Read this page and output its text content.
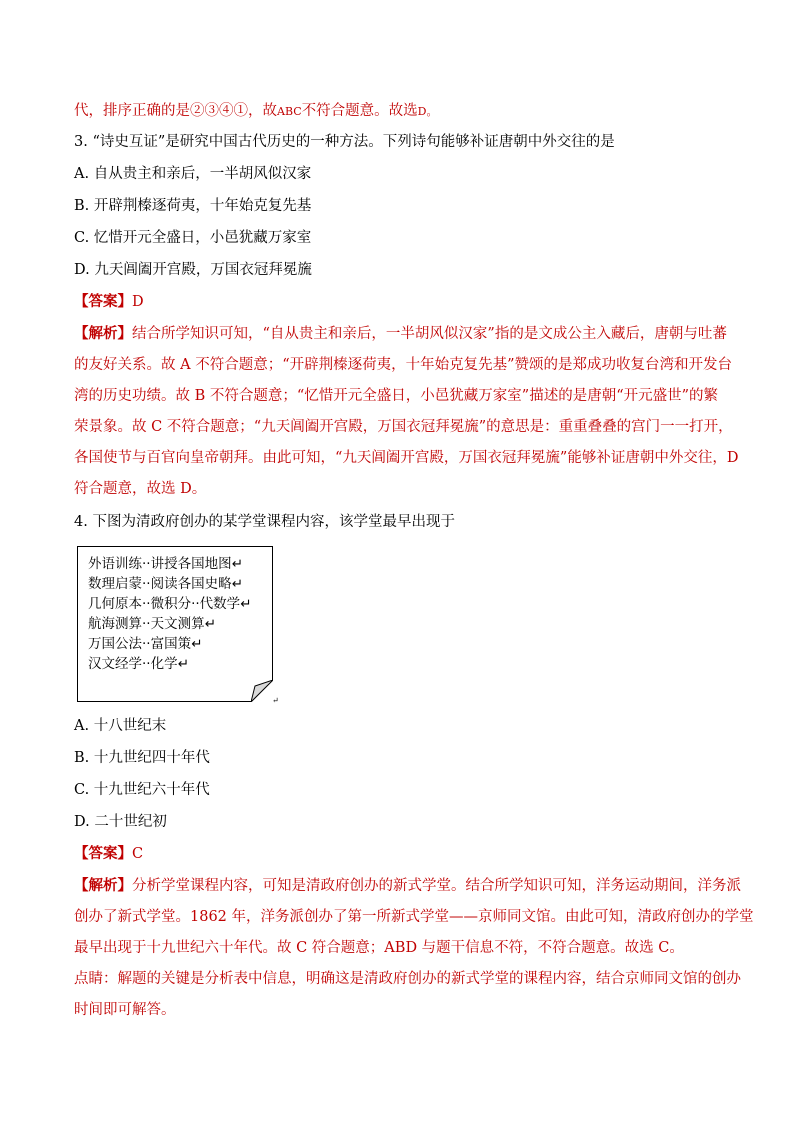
代，排序正确的是②③④①，故ABC不符合题意。故选D。
3. “诗史互证”是研究中国古代历史的一种方法。下列诗句能够补证唐朝中外交往的是
A. 自从贵主和亲后，一半胡风似汉家
B. 开辟荆榛逐荷夷，十年始克复先基
C. 忆惜开元全盛日，小邑犹藏万家室
D. 九天阊阖开宫殿，万国衣冠拜冕旒
【答案】D
【解析】结合所学知识可知，“自从贵主和亲后，一半胡风似汉家”指的是文成公主入藏后，唐朝与吐蕃
的友好关系。故 A 不符合题意；“开辟荆榛逐荷夷，十年始克复先基”赞颂的是郑成功收复台湾和开发台
湾的历史功绩。故 B 不符合题意；“忆惜开元全盛日，小邑犹藏万家室”描述的是唐朝“开元盛世”的繁
荣景象。故 C 不符合题意；“九天阊阖开宫殿，万国衣冠拜冕旒”的意思是：重重叠叠的宫门一一打开，
各国使节与百官向皇帝朝拜。由此可知，“九天阊阖开宫殿，万国衣冠拜冕旒”能够补证唐朝中外交往，D
符合题意，故选 D。
4. 下图为清政府创办的某学堂课程内容，该学堂最早出现于
外语训练··讲授各国地图↵
数理启蒙··阅读各国史略↵
几何原本··微积分··代数学↵
航海测算··天文测算↵
万国公法··富国策↵
汉文经学··化学↵
↵
A. 十八世纪末
B. 十九世纪四十年代
C. 十九世纪六十年代
D. 二十世纪初
【答案】C
【解析】分析学堂课程内容，可知是清政府创办的新式学堂。结合所学知识可知，洋务运动期间，洋务派
创办了新式学堂。1862 年，洋务派创办了第一所新式学堂——京师同文馆。由此可知，清政府创办的学堂
最早出现于十九世纪六十年代。故 C 符合题意；ABD 与题干信息不符，不符合题意。故选 C。
点睛：解题的关键是分析表中信息，明确这是清政府创办的新式学堂的课程内容，结合京师同文馆的创办
时间即可解答。
